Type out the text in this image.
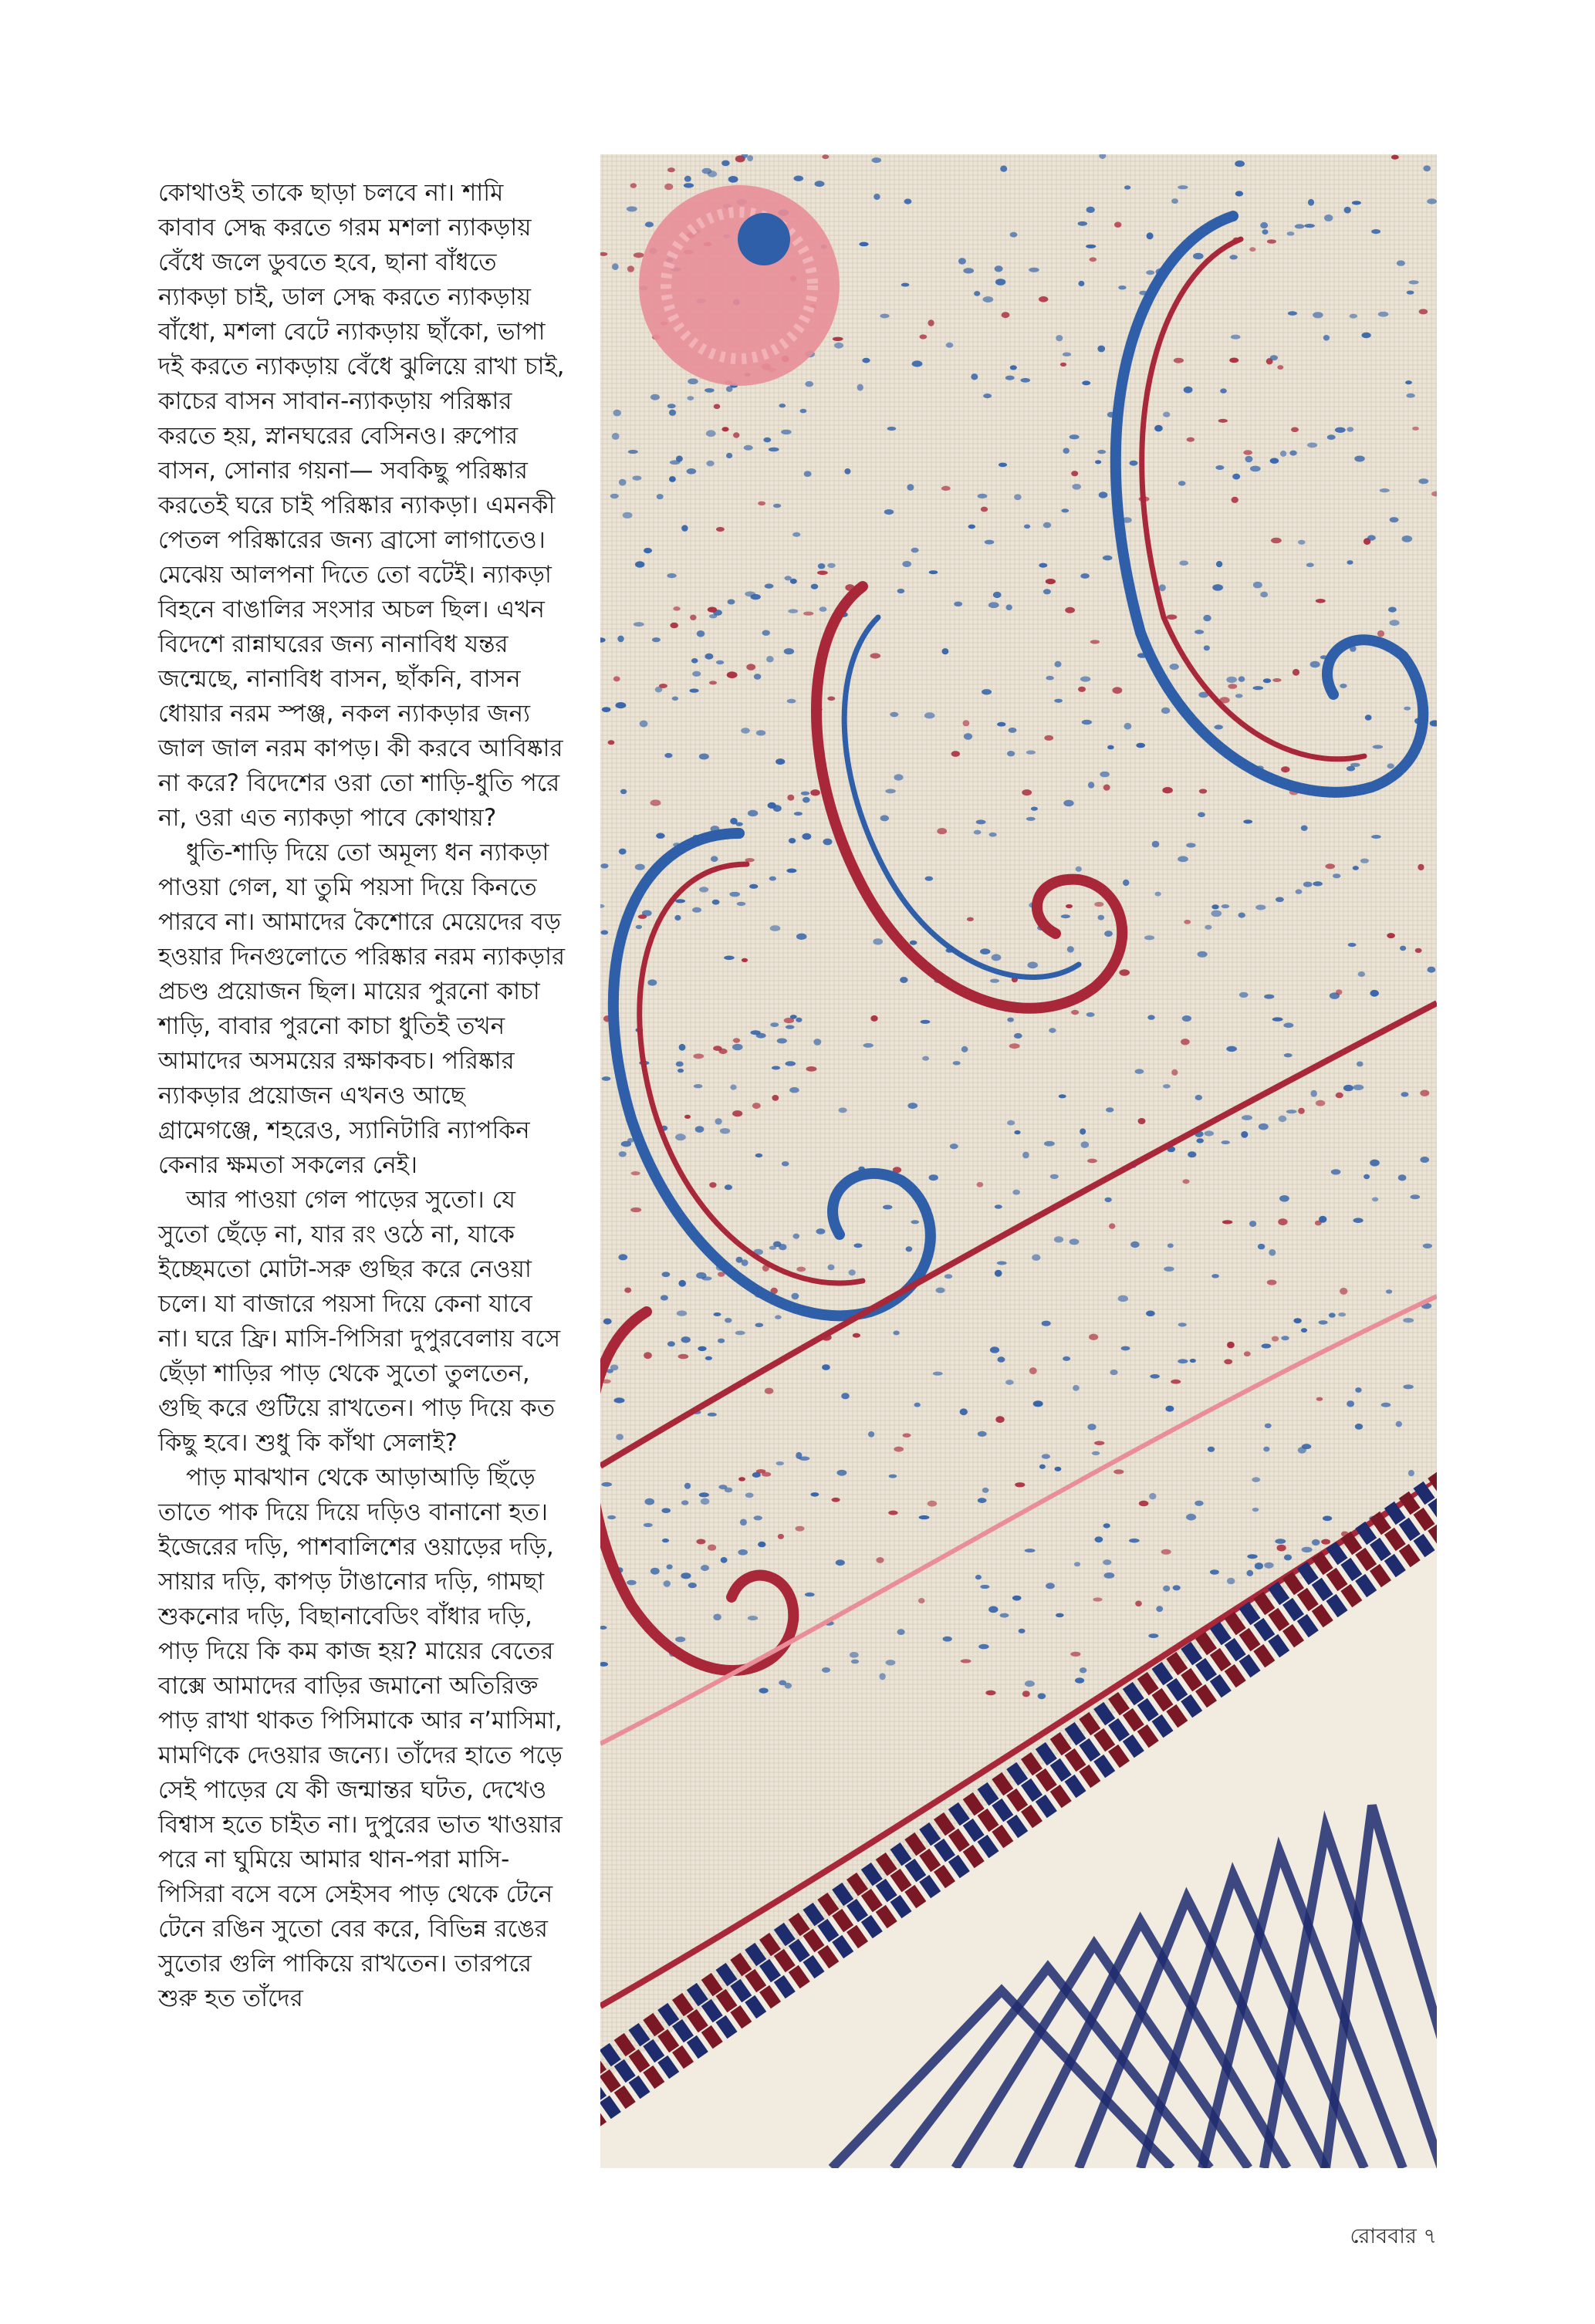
কোথাওই তাকে ছাড়া চলবে না। শামি কাবাব সেদ্ধ করতে গরম মশলা ন্যাকড়ায় বেঁধে জলে ডুবতে হবে, ছানা বাঁধতে ন্যাকড়া চাই, ডাল সেদ্ধ করতে ন্যাকড়ায় বাঁধো, মশলা বেটে ন্যাকড়ায় ছাঁকো, ভাপা দই করতে ন্যাকড়ায় বেঁধে ঝুলিয়ে রাখা চাই, কাচের বাসন সাবান-ন্যাকড়ায় পরিষ্কার করতে হয়, স্নানঘরের বেসিনও। রুপোর বাসন, সোনার গয়না— সবকিছু পরিষ্কার করতেই ঘরে চাই পরিষ্কার ন্যাকড়া। এমনকী পেতল পরিষ্কারের জন্য ব্রাসো লাগাতেও। মেঝেয় আলপনা দিতে তো বটেই। ন্যাকড়া বিহনে বাঙালির সংসার অচল ছিল। এখন বিদেশে রান্নাঘরের জন্য নানাবিধ যন্তর জন্মেছে, নানাবিধ বাসন, ছাঁকনি, বাসন ধোয়ার নরম স্পঞ্জ, নকল ন্যাকড়ার জন্য জাল জাল নরম কাপড়। কী করবে আবিষ্কার না করে? বিদেশের ওরা তো শাড়ি-ধুতি পরে না, ওরা এত ন্যাকড়া পাবে কোথায়?

ধুতি-শাড়ি দিয়ে তো অমূল্য ধন ন্যাকড়া পাওয়া গেল, যা তুমি পয়সা দিয়ে কিনতে পারবে না। আমাদের কৈশোরে মেয়েদের বড় হওয়ার দিনগুলোতে পরিষ্কার নরম ন্যাকড়ার প্রচণ্ড প্রয়োজন ছিল। মায়ের পুরনো কাচা শাড়ি, বাবার পুরনো কাচা ধুতিই তখন আমাদের অসময়ের রক্ষাকবচ। পরিষ্কার ন্যাকড়ার প্রয়োজন এখনও আছে গ্রামেগঞ্জে, শহরেও, স্যানিটারি ন্যাপকিন কেনার ক্ষমতা সকলের নেই।

আর পাওয়া গেল পাড়ের সুতো। যে সুতো ছেঁড়ে না, যার রং ওঠে না, যাকে ইচ্ছেমতো মোটা-সরু গুছির করে নেওয়া চলে। যা বাজারে পয়সা দিয়ে কেনা যাবে না। ঘরে ফ্রি। মাসি-পিসিরা দুপুরবেলায় বসে ছেঁড়া শাড়ির পাড় থেকে সুতো তুলতেন, গুছি করে গুটিয়ে রাখতেন। পাড় দিয়ে কত কিছু হবে। শুধু কি কাঁথা সেলাই?

পাড় মাঝখান থেকে আড়াআড়ি ছিঁড়ে তাতে পাক দিয়ে দিয়ে দড়িও বানানো হত। ইজেরের দড়ি, পাশবালিশের ওয়াড়ের দড়ি, সায়ার দড়ি, কাপড় টাঙানোর দড়ি, গামছা শুকনোর দড়ি, বিছানাবেডিং বাঁধার দড়ি, পাড় দিয়ে কি কম কাজ হয়? মায়ের বেতের বাক্সে আমাদের বাড়ির জমানো অতিরিক্ত পাড় রাখা থাকত পিসিমাকে আর ন’মাসিমা, মামণিকে দেওয়ার জন্যে। তাঁদের হাতে পড়ে সেই পাড়ের যে কী জন্মান্তর ঘটত, দেখেও বিশ্বাস হতে চাইত না। দুপুরের ভাত খাওয়ার পরে না ঘুমিয়ে আমার থান-পরা মাসি-পিসিরা বসে বসে সেইসব পাড় থেকে টেনে টেনে রঙিন সুতো বের করে, বিভিন্ন রঙের সুতোর গুলি পাকিয়ে রাখতেন। তারপরে শুরু হত তাঁদের

রোববার ৭
